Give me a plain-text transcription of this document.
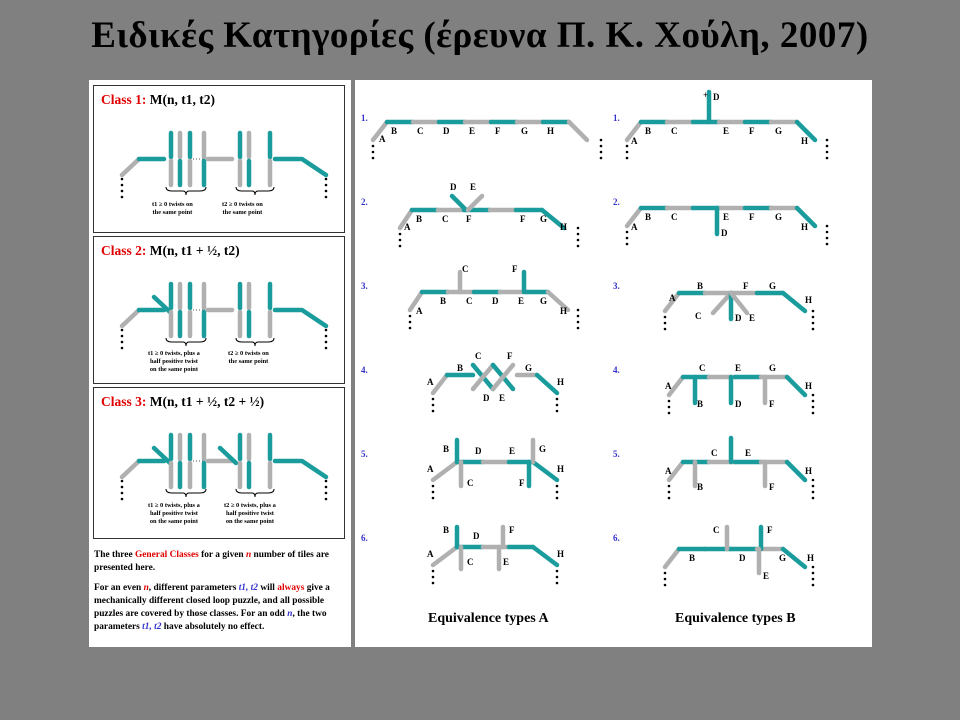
Ειδικές Κατηγορίες (έρευνα Π. Κ. Χούλη, 2007)
Class 1: M(n, t1, t2)
t1 ≥ 0 twists on
the same point
t2 ≥ 0 twists on
the same point
Class 2: M(n, t1 + ½, t2)
t1 ≥ 0 twists, plus a
half positive twist
on the same point
t2 ≥ 0 twists on
the same point
Class 3: M(n, t1 + ½, t2 + ½)
t1 ≥ 0 twists, plus a
half positive twist
on the same point
t2 ≥ 0 twists, plus a
half positive twist
on the same point

The three General Classes for a given n number of tiles are presented here.

For an even n, different parameters t1, t2 will always give a mechanically different closed loop puzzle, and all possible puzzles are covered by those classes. For an odd n, the two parameters t1, t2 have absolutely no effect.

A
B C D E F G H
A
B C	F G
H
F
D E
A
B C D E G
H
C	F
A
B
C
D E
F
G
H
A
B
C
D	E
F
G
H
A
B
C
D
E
F
H
+ D
A
B C	E F G
H
D
A
B C	E F G
H
A
B
C	D E
F G
H
A
B
C
D
E
F
G
H
A
B
C	E
F
H
B
C
D
E
F
G H
1.
2.
3.
4.
5.
6.
1.
2.
3.
4.
5.
6.
Equivalence types A	Equivalence types B
